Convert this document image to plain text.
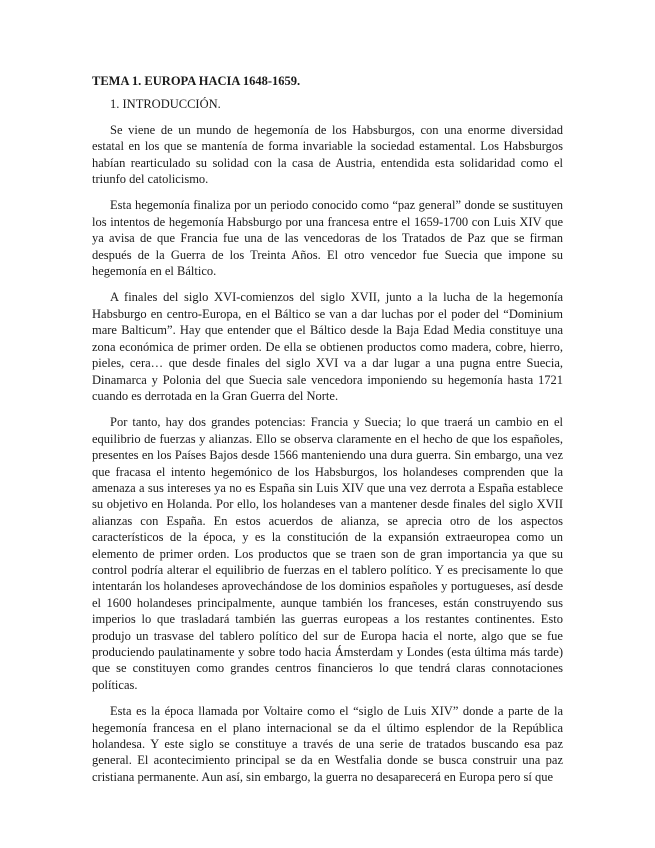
TEMA 1. EUROPA HACIA 1648-1659.
1. INTRODUCCIÓN.

Se viene de un mundo de hegemonía de los Habsburgos, con una enorme diversidad estatal en los que se mantenía de forma invariable la sociedad estamental. Los Habsburgos habían rearticulado su solidad con la casa de Austria, entendida esta solidaridad como el triunfo del catolicismo.

Esta hegemonía finaliza por un periodo conocido como “paz general” donde se sustituyen los intentos de hegemonía Habsburgo por una francesa entre el 1659-1700 con Luis XIV que ya avisa de que Francia fue una de las vencedoras de los Tratados de Paz que se firman después de la Guerra de los Treinta Años. El otro vencedor fue Suecia que impone su hegemonía en el Báltico.

A finales del siglo XVI-comienzos del siglo XVII, junto a la lucha de la hegemonía Habsburgo en centro-Europa, en el Báltico se van a dar luchas por el poder del “Dominium mare Balticum”. Hay que entender que el Báltico desde la Baja Edad Media constituye una zona económica de primer orden. De ella se obtienen productos como madera, cobre, hierro, pieles, cera… que desde finales del siglo XVI va a dar lugar a una pugna entre Suecia, Dinamarca y Polonia del que Suecia sale vencedora imponiendo su hegemonía hasta 1721 cuando es derrotada en la Gran Guerra del Norte.

Por tanto, hay dos grandes potencias: Francia y Suecia; lo que traerá un cambio en el equilibrio de fuerzas y alianzas. Ello se observa claramente en el hecho de que los españoles, presentes en los Países Bajos desde 1566 manteniendo una dura guerra. Sin embargo, una vez que fracasa el intento hegemónico de los Habsburgos, los holandeses comprenden que la amenaza a sus intereses ya no es España sin Luis XIV que una vez derrota a España establece su objetivo en Holanda. Por ello, los holandeses van a mantener desde finales del siglo XVII alianzas con España. En estos acuerdos de alianza, se aprecia otro de los aspectos característicos de la época, y es la constitución de la expansión extraeuropea como un elemento de primer orden. Los productos que se traen son de gran importancia ya que su control podría alterar el equilibrio de fuerzas en el tablero político. Y es precisamente lo que intentarán los holandeses aprovechándose de los dominios españoles y portugueses, así desde el 1600 holandeses principalmente, aunque también los franceses, están construyendo sus imperios lo que trasladará también las guerras europeas a los restantes continentes. Esto produjo un trasvase del tablero político del sur de Europa hacia el norte, algo que se fue produciendo paulatinamente y sobre todo hacia Ámsterdam y Londes (esta última más tarde) que se constituyen como grandes centros financieros lo que tendrá claras connotaciones políticas.

Esta es la época llamada por Voltaire como el “siglo de Luis XIV” donde a parte de la hegemonía francesa en el plano internacional se da el último esplendor de la República holandesa. Y este siglo se constituye a través de una serie de tratados buscando esa paz general. El acontecimiento principal se da en Westfalia donde se busca construir una paz cristiana permanente. Aun así, sin embargo, la guerra no desaparecerá en Europa pero sí que
